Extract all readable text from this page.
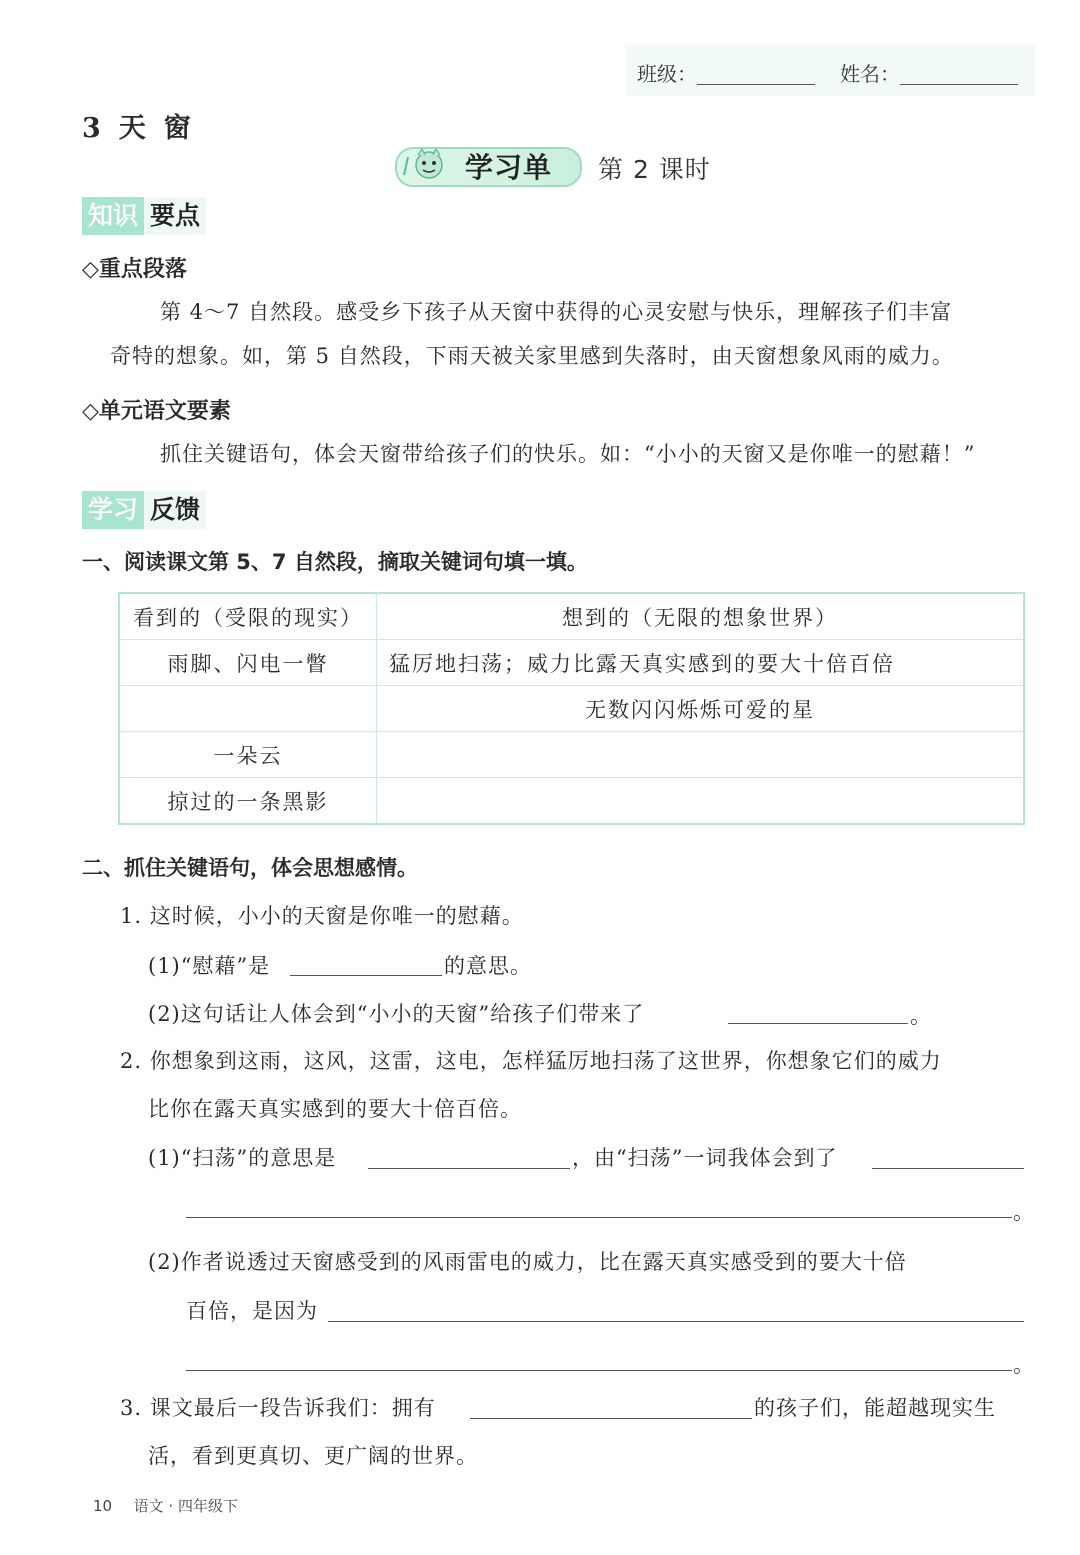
班级：	姓名：
3 天 窗
学习单 第 2 课时
知识 要点
◇重点段落
第 4～7 自然段。感受乡下孩子从天窗中获得的心灵安慰与快乐，理解孩子们丰富
奇特的想象。如，第 5 自然段，下雨天被关家里感到失落时，由天窗想象风雨的威力。
◇单元语文要素
抓住关键语句，体会天窗带给孩子们的快乐。如：“小小的天窗又是你唯一的慰藉！”
学习 反馈
一、阅读课文第 5、7 自然段，摘取关键词句填一填。
看到的（受限的现实）	想到的（无限的想象世界）
雨脚、闪电一瞥	猛厉地扫荡；威力比露天真实感到的要大十倍百倍
	无数闪闪烁烁可爱的星
一朵云	
掠过的一条黑影	
二、抓住关键语句，体会思想感情。
1. 这时候，小小的天窗是你唯一的慰藉。
(1)“慰藉”是	的意思。
(2)这句话让人体会到“小小的天窗”给孩子们带来了	。
2. 你想象到这雨，这风，这雷，这电，怎样猛厉地扫荡了这世界，你想象它们的威力
比你在露天真实感到的要大十倍百倍。
(1)“扫荡”的意思是	，由“扫荡”一词我体会到了
。
(2)作者说透过天窗感受到的风雨雷电的威力，比在露天真实感受到的要大十倍
百倍，是因为
。
3. 课文最后一段告诉我们：拥有	的孩子们，能超越现实生
活，看到更真切、更广阔的世界。
10 语文 · 四年级下
